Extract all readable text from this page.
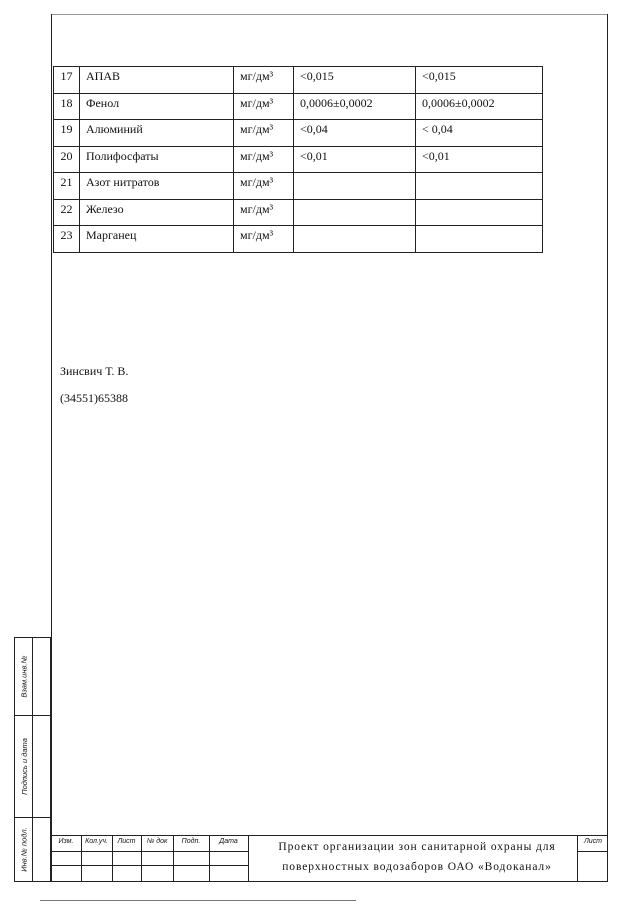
17	АПАВ	мг/дм³	<0,015	<0,015
18	Фенол	мг/дм³	0,0006±0,0002	0,0006±0,0002
19	Алюминий	мг/дм³	<0,04	< 0,04
20	Полифосфаты	мг/дм³	<0,01	<0,01
21	Азот нитратов	мг/дм³		
22	Железо	мг/дм³		
23	Марганец	мг/дм³		
Зинсвич Т. В.
(34551)65388
Взам.инв.№
Подпись и дата
Инв.№ подл.	Изм.	Кол.уч.	Лист	№ док	Подп.	Дата	Проект организации зон санитарной охраны для
поверхностных водозаборов ОАО «Водоканал»
Лист
